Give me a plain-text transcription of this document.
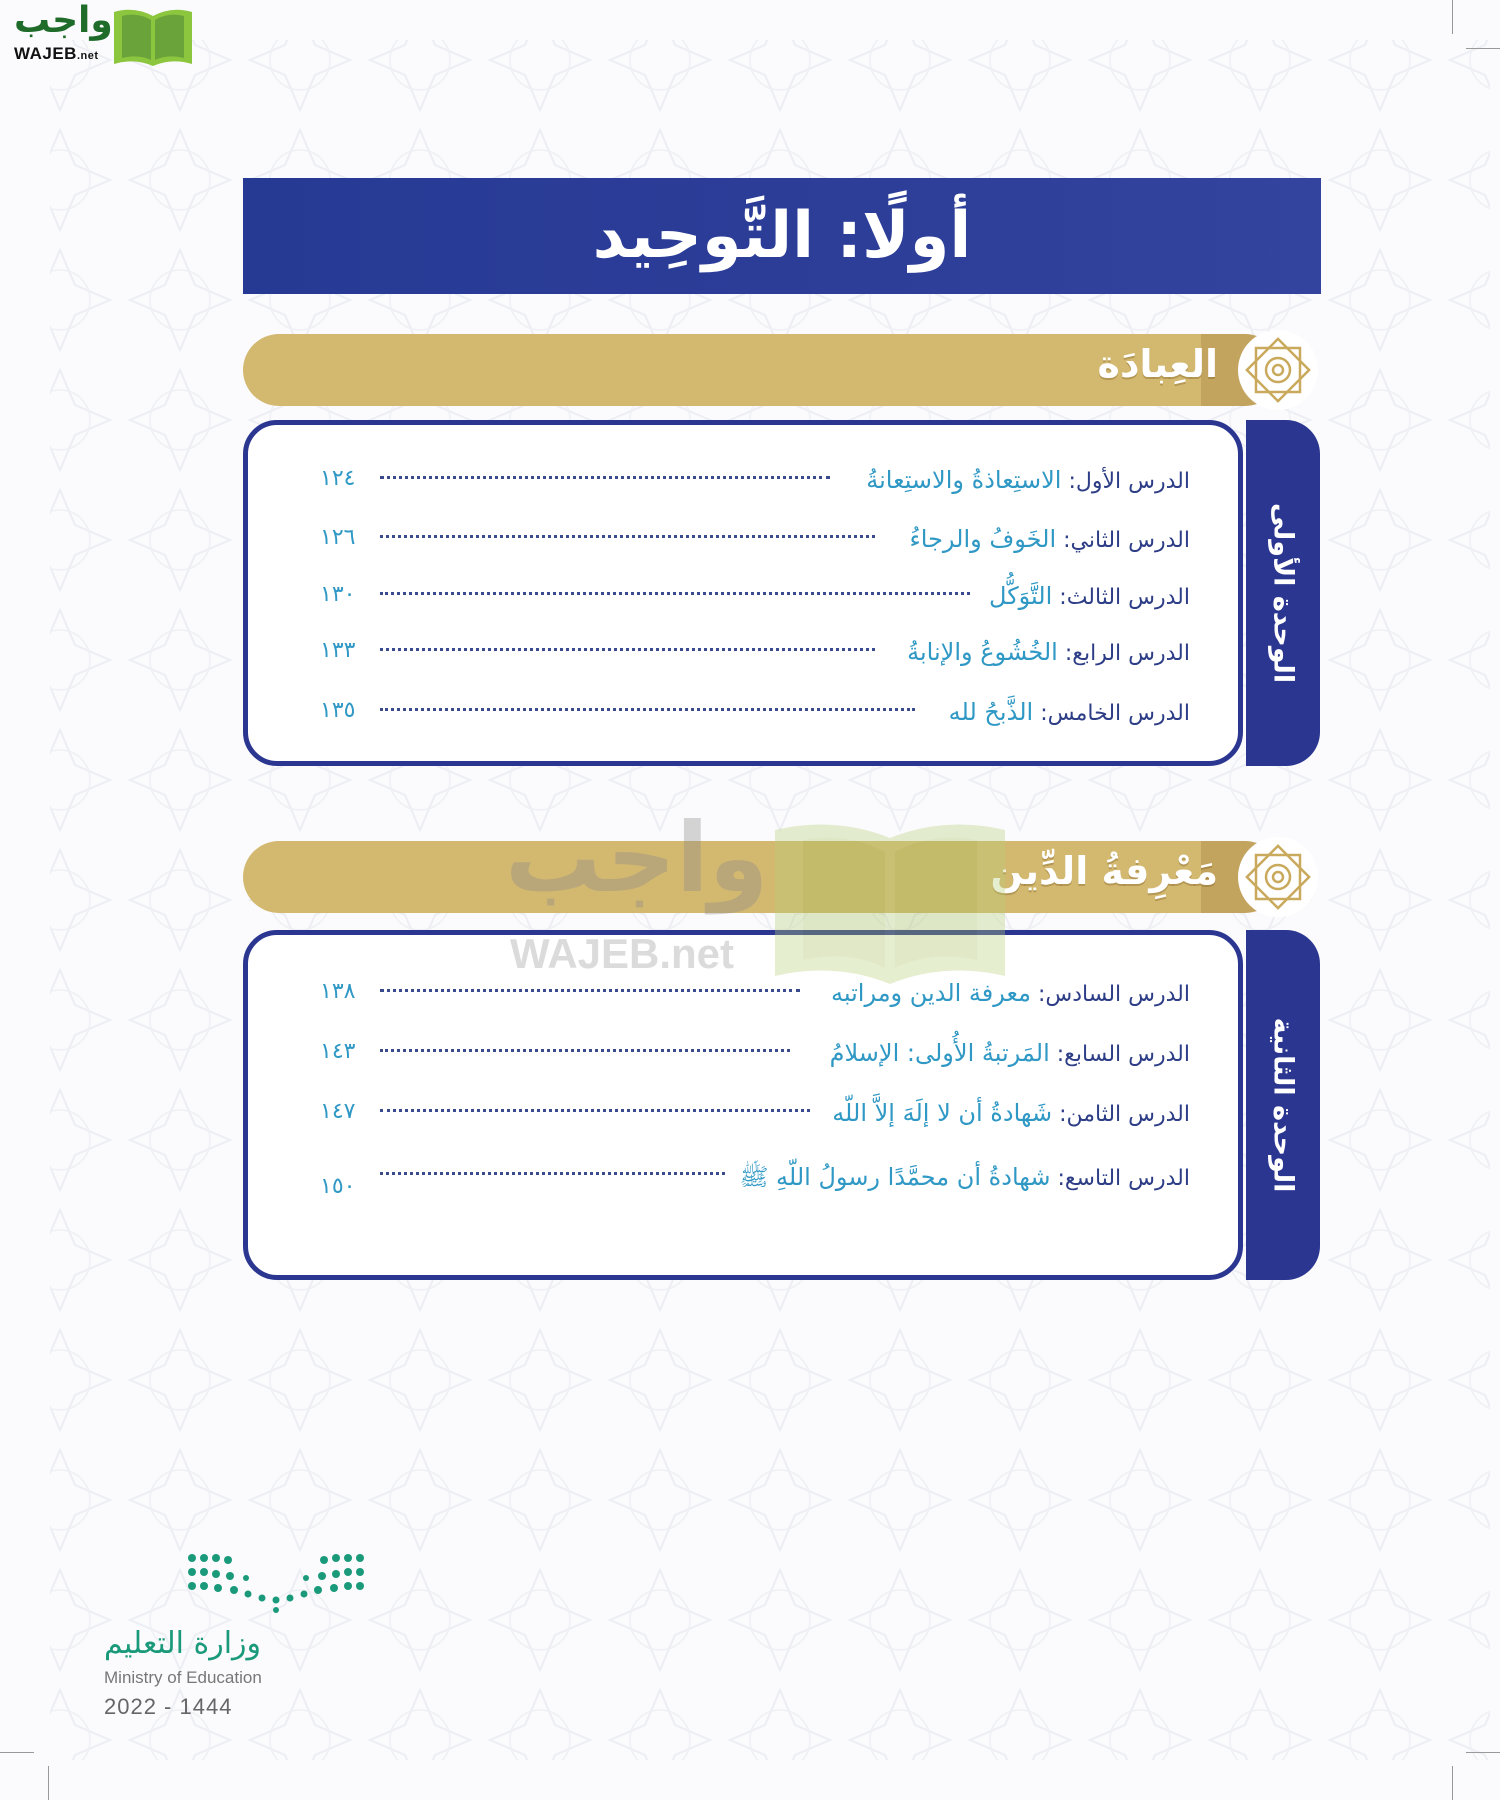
واجب
WAJEB.net
أولًا: التَّوحِيد
العِبادَة
الوحدة الأولى
الدرس الأول: الاستِعاذةُ والاستِعانةُ
١٢٤
الدرس الثاني: الخَوفُ والرجاءُ
١٢٦
الدرس الثالث: التَّوَكُّل
١٣٠
الدرس الرابع: الخُشُوعُ والإنابةُ
١٣٣
الدرس الخامس: الذَّبحُ لله
١٣٥
مَعْرِفةُ الدِّين
الوحدة الثانية
الدرس السادس: معرفة الدين ومراتبه
١٣٨
الدرس السابع: المَرتبةُ الأُولى: الإسلامُ
١٤٣
الدرس الثامن: شَهادةُ أن لا إلَهَ إلاَّ اللّه
١٤٧
الدرس التاسع: شهادةُ أن محمَّدًا رسولُ اللّهِ ﷺ
١٥٠
واجب
WAJEB.net
وزارة التعليم
Ministry of Education
2022 - 1444
